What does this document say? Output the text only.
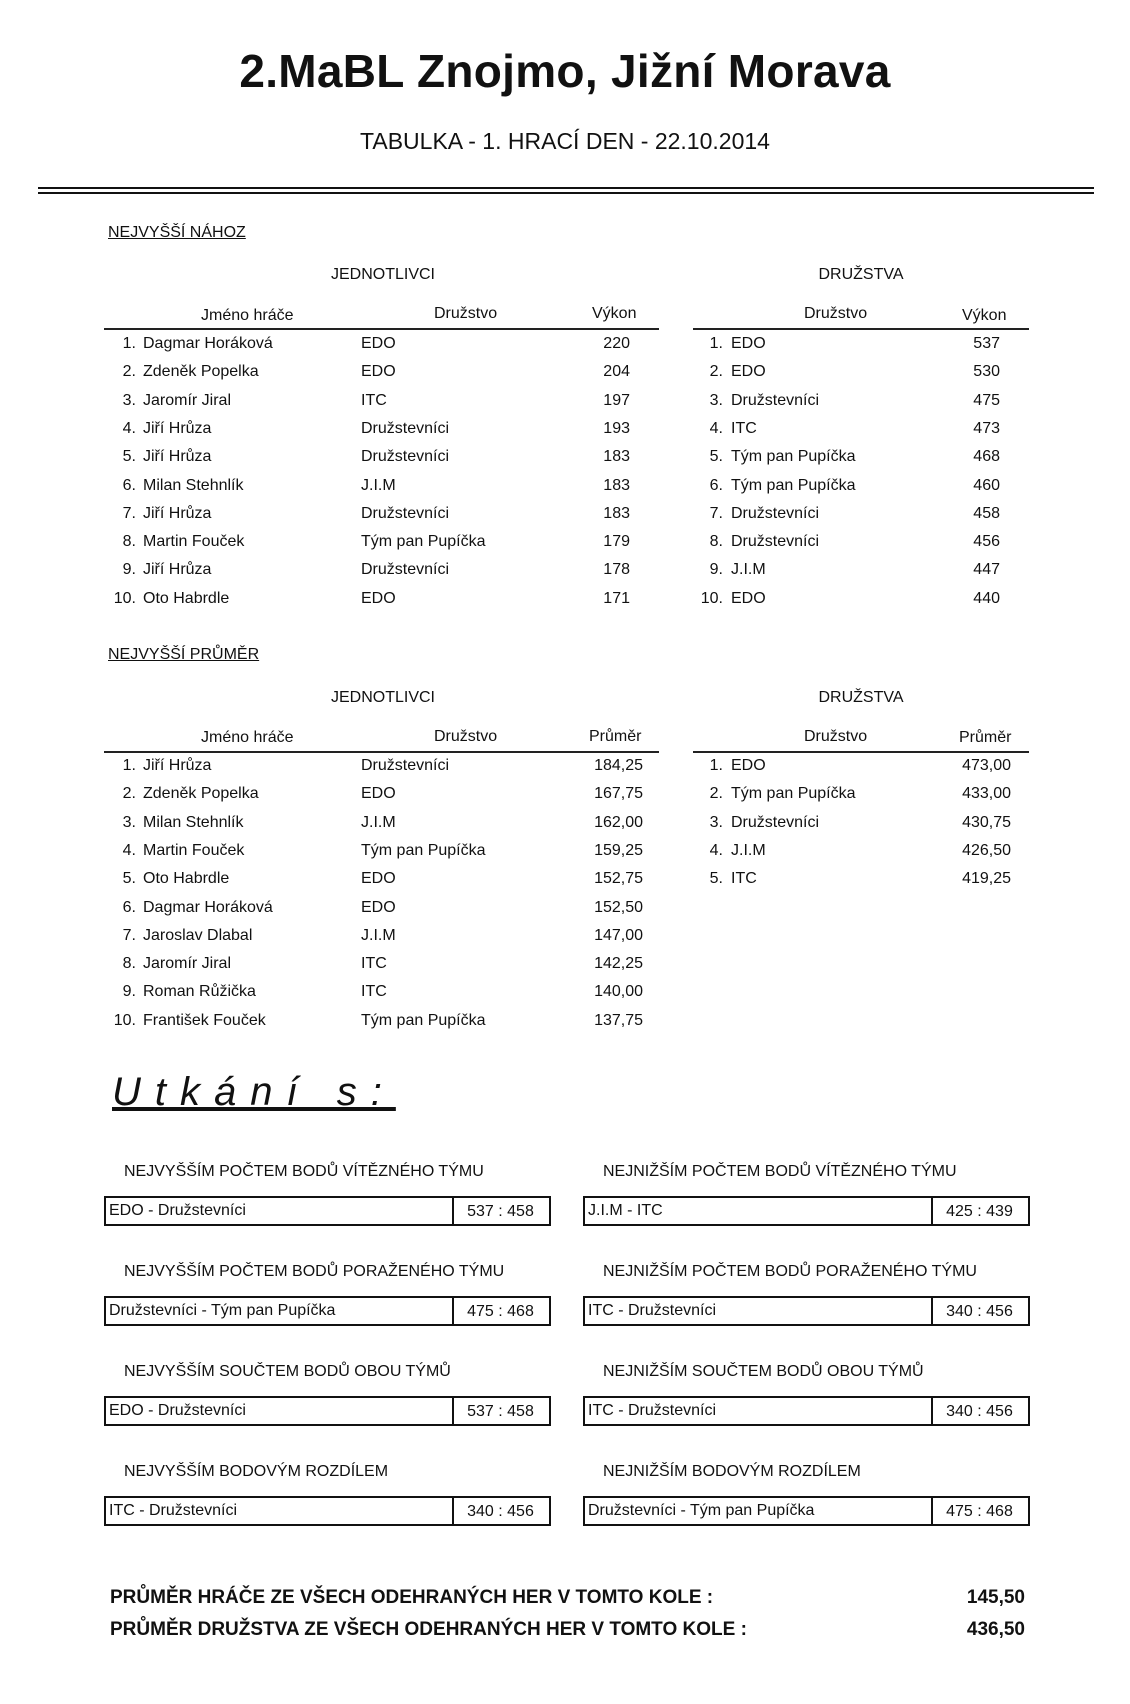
2.MaBL Znojmo, Jižní Morava
TABULKA - 1. HRACÍ DEN - 22.10.2014
NEJVYŠŠÍ NÁHOZ
JEDNOTLIVCI	DRUŽSTVA
Jméno hráče	Družstvo	Výkon	Družstvo	Výkon
1. Dagmar Horáková	EDO	220
2. Zdeněk Popelka	EDO	204
3. Jaromír Jiral	ITC	197
4. Jiří Hrůza	Družstevníci	193
5. Jiří Hrůza	Družstevníci	183
6. Milan Stehnlík	J.I.M	183
7. Jiří Hrůza	Družstevníci	183
8. Martin Fouček	Tým pan Pupíčka	179
9. Jiří Hrůza	Družstevníci	178
10. Oto Habrdle	EDO	171
1. EDO	537
2. EDO	530
3. Družstevníci	475
4. ITC	473
5. Tým pan Pupíčka	468
6. Tým pan Pupíčka	460
7. Družstevníci	458
8. Družstevníci	456
9. J.I.M	447
10. EDO	440
NEJVYŠŠÍ PRŮMĚR
JEDNOTLIVCI	DRUŽSTVA
Jméno hráče	Družstvo	Průměr	Družstvo	Průměr
1. Jiří Hrůza	Družstevníci	184,25
2. Zdeněk Popelka	EDO	167,75
3. Milan Stehnlík	J.I.M	162,00
4. Martin Fouček	Tým pan Pupíčka	159,25
5. Oto Habrdle	EDO	152,75
6. Dagmar Horáková	EDO	152,50
7. Jaroslav Dlabal	J.I.M	147,00
8. Jaromír Jiral	ITC	142,25
9. Roman Růžička	ITC	140,00
10. František Fouček	Tým pan Pupíčka	137,75
1. EDO	473,00
2. Tým pan Pupíčka	433,00
3. Družstevníci	430,75
4. J.I.M	426,50
5. ITC	419,25
Utkání s:
NEJVYŠŠÍM POČTEM BODŮ VÍTĚZNÉHO TÝMU
EDO - Družstevníci	537 : 458
NEJNIŽŠÍM POČTEM BODŮ VÍTĚZNÉHO TÝMU
J.I.M - ITC	425 : 439
NEJVYŠŠÍM POČTEM BODŮ PORAŽENÉHO TÝMU
Družstevníci - Tým pan Pupíčka	475 : 468
NEJNIŽŠÍM POČTEM BODŮ PORAŽENÉHO TÝMU
ITC - Družstevníci	340 : 456
NEJVYŠŠÍM SOUČTEM BODŮ OBOU TÝMŮ
EDO - Družstevníci	537 : 458
NEJNIŽŠÍM SOUČTEM BODŮ OBOU TÝMŮ
ITC - Družstevníci	340 : 456
NEJVYŠŠÍM BODOVÝM ROZDÍLEM
ITC - Družstevníci	340 : 456
NEJNIŽŠÍM BODOVÝM ROZDÍLEM
Družstevníci - Tým pan Pupíčka	475 : 468
PRŮMĚR HRÁČE ZE VŠECH ODEHRANÝCH HER V TOMTO KOLE :	145,50
PRŮMĚR DRUŽSTVA ZE VŠECH ODEHRANÝCH HER V TOMTO KOLE :	436,50
